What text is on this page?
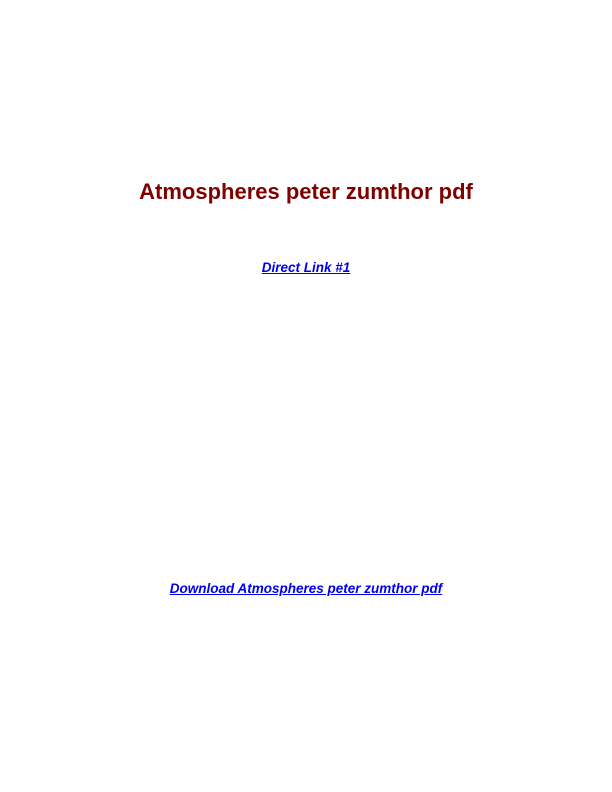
Atmospheres peter zumthor pdf
Direct Link #1
Download Atmospheres peter zumthor pdf
